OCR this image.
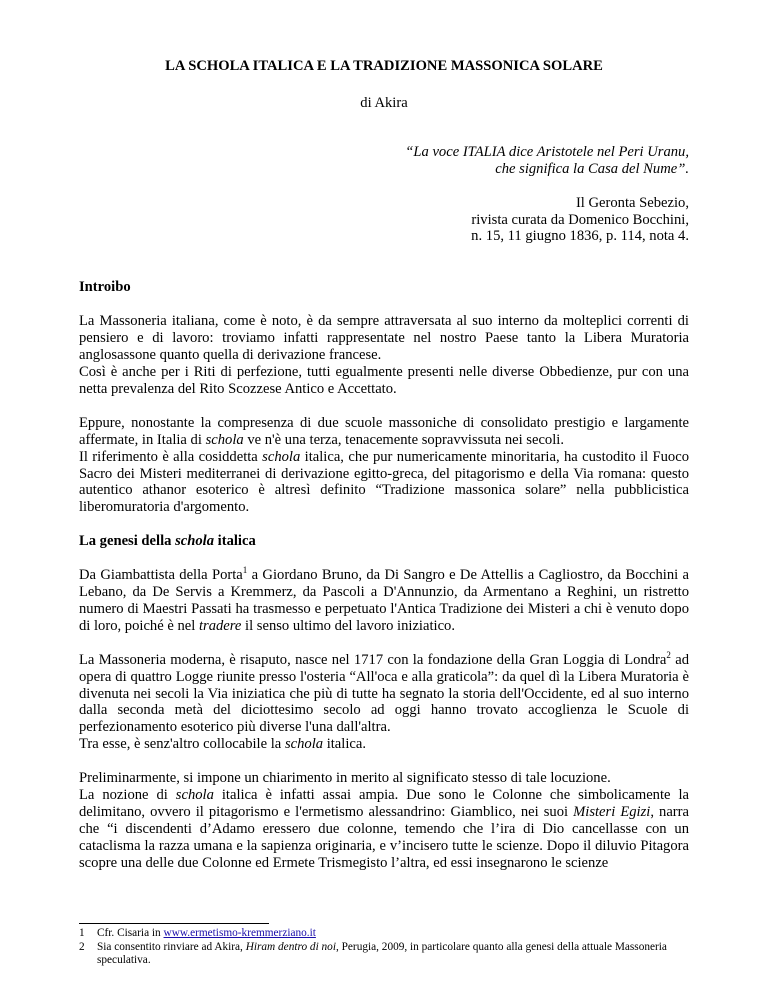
LA SCHOLA ITALICA E LA TRADIZIONE MASSONICA SOLARE

di Akira

“La voce ITALIA dice Aristotele nel Peri Uranu,

che significa la Casa del Nume”.

Il Geronta Sebezio,

rivista curata da Domenico Bocchini,

n. 15, 11 giugno 1836, p. 114, nota 4.

Introibo

La Massoneria italiana, come è noto, è da sempre attraversata al suo interno da molteplici correnti di pensiero e di lavoro: troviamo infatti rappresentate nel nostro Paese tanto la Libera Muratoria anglosassone quanto quella di derivazione francese.

Così è anche per i Riti di perfezione, tutti egualmente presenti nelle diverse Obbedienze, pur con una netta prevalenza del Rito Scozzese Antico e Accettato.

Eppure, nonostante la compresenza di due scuole massoniche di consolidato prestigio e largamente affermate, in Italia di schola ve n'è una terza, tenacemente sopravvissuta nei secoli.

Il riferimento è alla cosiddetta schola italica, che pur numericamente minoritaria, ha custodito il Fuoco Sacro dei Misteri mediterranei di derivazione egitto-greca, del pitagorismo e della Via romana: questo autentico athanor esoterico è altresì definito “Tradizione massonica solare” nella pubblicistica liberomuratoria d'argomento.

La genesi della schola italica

Da Giambattista della Porta$^1$ a Giordano Bruno, da Di Sangro e De Attellis a Cagliostro, da Bocchini a Lebano, da De Servis a Kremmerz, da Pascoli a D'Annunzio, da Armentano a Reghini, un ristretto numero di Maestri Passati ha trasmesso e perpetuato l'Antica Tradizione dei Misteri a chi è venuto dopo di loro, poiché è nel tradere il senso ultimo del lavoro iniziatico.

La Massoneria moderna, è risaputo, nasce nel 1717 con la fondazione della Gran Loggia di Londra$^2$ ad opera di quattro Logge riunite presso l'osteria “All'oca e alla graticola”: da quel dì la Libera Muratoria è divenuta nei secoli la Via iniziatica che più di tutte ha segnato la storia dell'Occidente, ed al suo interno dalla seconda metà del diciottesimo secolo ad oggi hanno trovato accoglienza le Scuole di perfezionamento esoterico più diverse l'una dall'altra.

Tra esse, è senz'altro collocabile la schola italica.

Preliminarmente, si impone un chiarimento in merito al significato stesso di tale locuzione.

La nozione di schola italica è infatti assai ampia. Due sono le Colonne che simbolicamente la delimitano, ovvero il pitagorismo e l'ermetismo alessandrino: Giamblico, nei suoi Misteri Egizi, narra che “i discendenti d’Adamo eressero due colonne, temendo che l’ira di Dio cancellasse con un cataclisma la razza umana e la sapienza originaria, e v’incisero tutte le scienze. Dopo il diluvio Pitagora scopre una delle due Colonne ed Ermete Trismegisto l’altra, ed essi insegnarono le scienze

1	Cfr. Cisaria in www.ermetismo-kremmerziano.it
2	Sia consentito rinviare ad Akira, Hiram dentro di noi, Perugia, 2009, in particolare quanto alla genesi della attuale Massoneria speculativa.
